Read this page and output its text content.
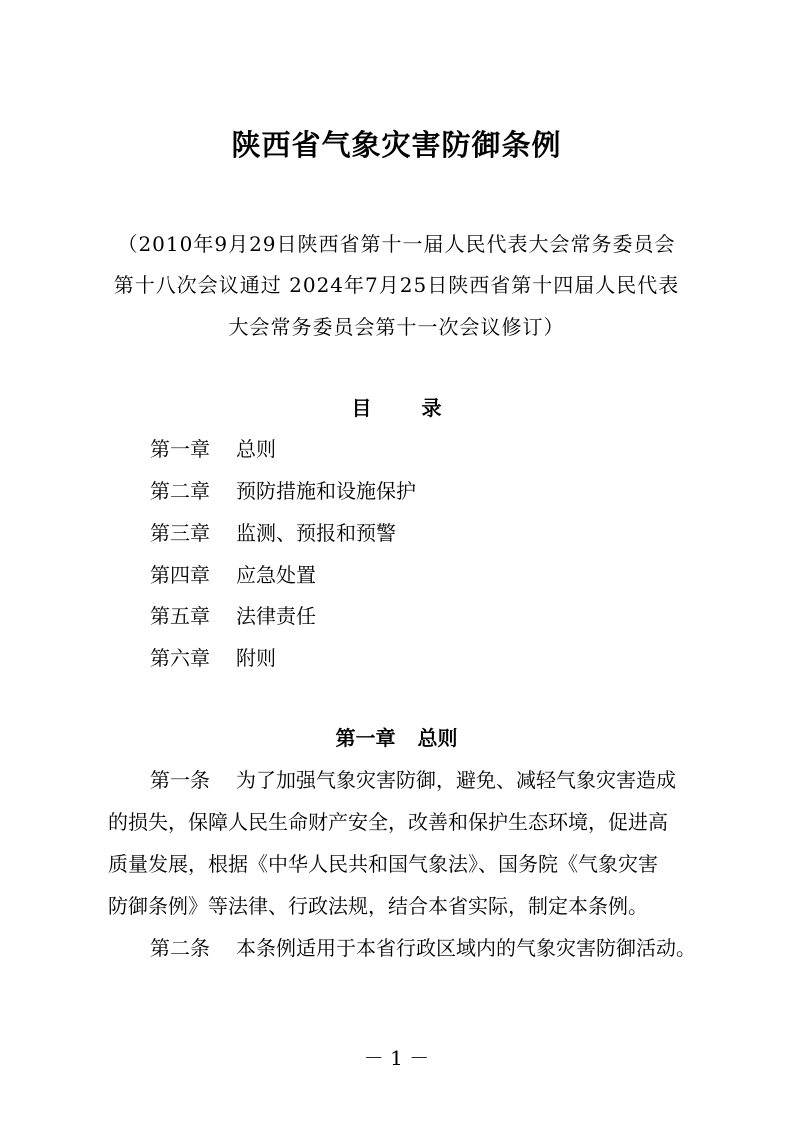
陕西省气象灾害防御条例
（2010年9月29日陕西省第十一届人民代表大会常务委员会
第十八次会议通过 2024年7月25日陕西省第十四届人民代表
大会常务委员会第十一次会议修订）
目	录
第一章 总则
第二章 预防措施和设施保护
第三章 监测、预报和预警
第四章 应急处置
第五章 法律责任
第六章 附则
第一章 总则
第一条 为了加强气象灾害防御，避免、减轻气象灾害造成
的损失，保障人民生命财产安全，改善和保护生态环境，促进高
质量发展，根据《中华人民共和国气象法》、国务院《气象灾害
防御条例》等法律、行政法规，结合本省实际，制定本条例。
第二条 本条例适用于本省行政区域内的气象灾害防御活动。
－ 1 －
